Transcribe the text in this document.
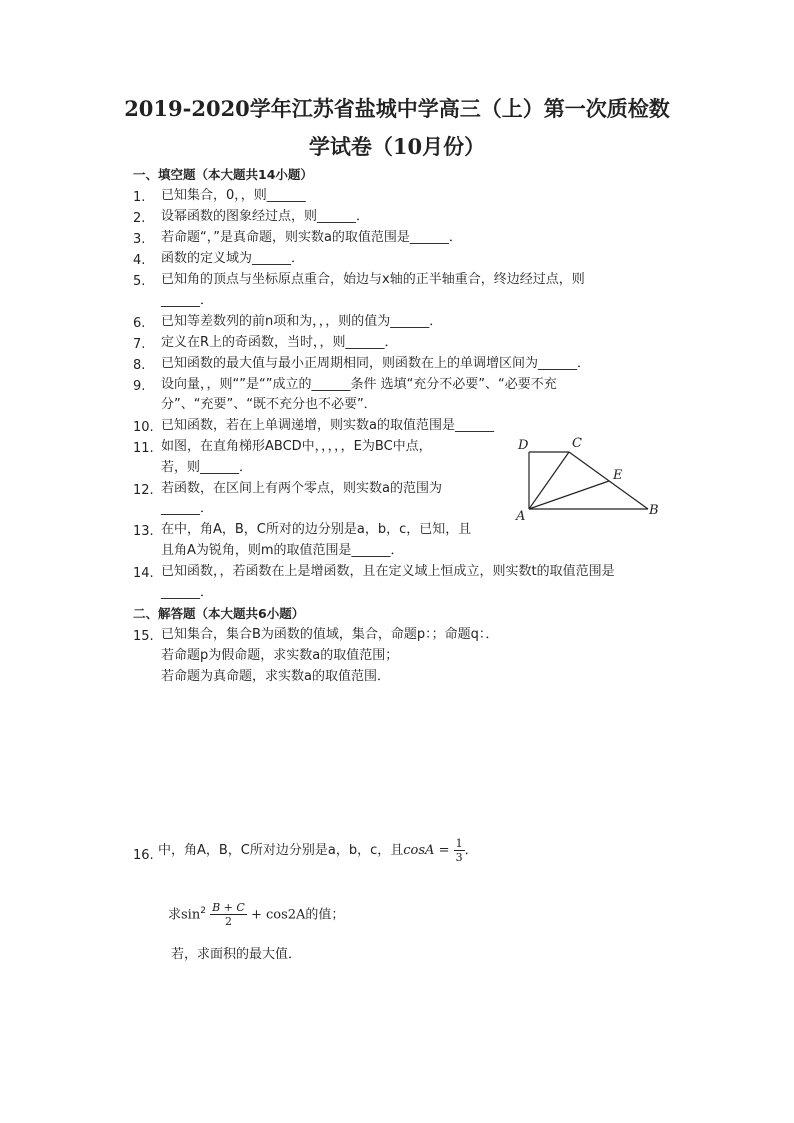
2019-2020学年江苏省盐城中学高三（上）第一次质检数
学试卷（10月份）
一、填空题（本大题共14小题）
1. 已知集合，0，，则______
2. 设幂函数的图象经过点，则______．
3. 若命题“，”是真命题，则实数a的取值范围是______．
4. 函数的定义域为______．
5. 已知角的顶点与坐标原点重合，始边与x轴的正半轴重合，终边经过点，则
______．
6. 已知等差数列的前n项和为，，，则的值为______．
7. 定义在R上的奇函数，当时，，则______．
8. 已知函数的最大值与最小正周期相同，则函数在上的单调增区间为______．
9. 设向量，，则“”是“”成立的______条件 选填“充分不必要”、“必要不充
分”、“充要”、“既不充分也不必要”．
10. 已知函数，若在上单调递增，则实数a的取值范围是______
11. 如图，在直角梯形ABCD中，，，，，E为BC中点，
若，则______．
12. 若函数，在区间上有两个零点，则实数a的范围为
______．
13. 在中，角A，B，C所对的边分别是a，b，c，已知，且
且角A为锐角，则m的取值范围是______．
14. 已知函数，，若函数在上是增函数，且在定义域上恒成立，则实数t的取值范围是
______．
D	C
E
A	B
二、解答题（本大题共6小题）
15. 已知集合，集合B为函数的值域，集合，命题p：；命题q：．
若命题p为假命题，求实数a的取值范围；
若命题为真命题，求实数a的取值范围．
16. 中，角A，B，C所对边分别是a，b，c，且$\cos A = \frac{1}{3}$ ．
求$\sin^2 \frac{B + C}{2} + \cos 2A$的值；
若，求面积的最大值．
